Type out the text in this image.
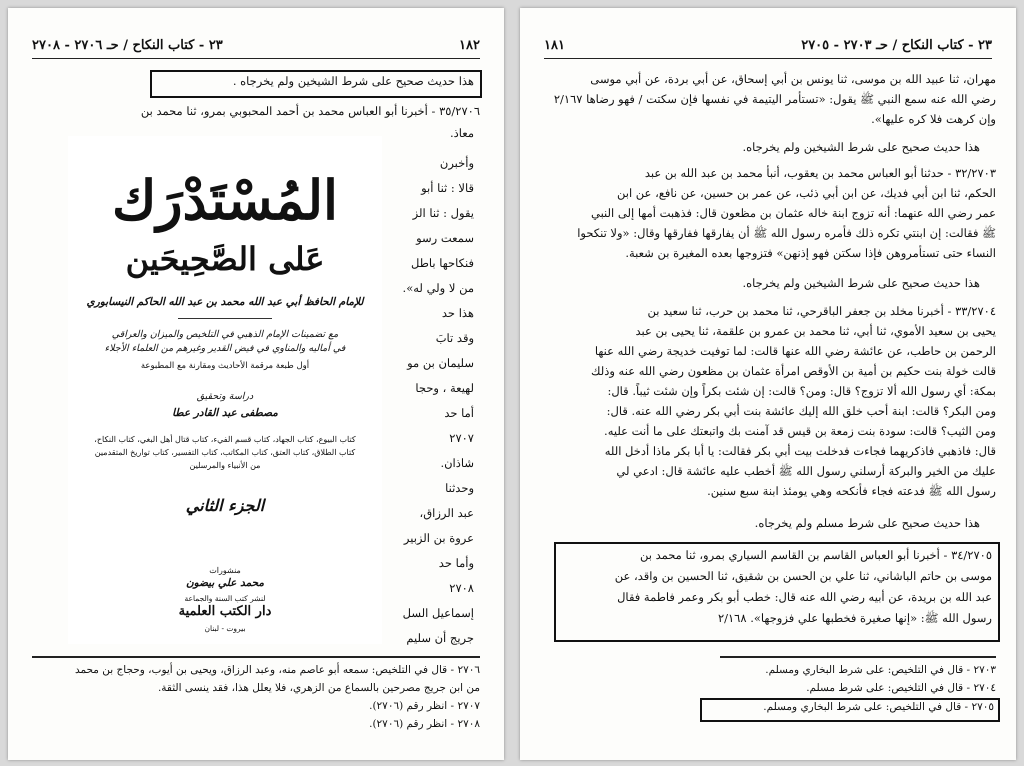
١٨٢
٢٣ - كتاب النكاح / حـ ٢٧٠٦ - ٢٧٠٨

هذا حديث صحيح على شرط الشيخين ولم يخرجاه .

٣٥/٢٧٠٦ - أخبرنا أبو العباس محمد بن أحمد المحبوبي بمرو، ثنا محمد بن

معاذ.

وأخبرن

قالا : ثنا أبو

يقول : ثنا الز

سمعت رسو

فنكاحها باطل

من لا ولي له».

هذا حد

وقد تابَ

سليمان بن مو

لهيعة ، وحجا

أما حد

٢٧٠٧

شاذان.

وحدثنا

عبد الرزاق،

عروة بن الزبير

وأما حد

٢٧٠٨

إسماعيل السل

جريج أن سليم

٢٧٠٦ - قال في التلخيص: سمعه أبو عاصم منه، وعبد الرزاق، ويحيى بن أيوب، وحجاج بن محمد

من ابن جريج مصرحين بالسماع من الزهري، فلا يعلل هذا، فقد ينسى الثقة.

٢٧٠٧ - انظر رقم (٢٧٠٦).

٢٧٠٨ - انظر رقم (٢٧٠٦).

المُسْتَدْرَك

عَلى الصَّحِيحَين

للإمام الحافظ أبي عبد الله محمد بن عبد الله الحاكم النيسابوري

مع تضمينات الإمام الذهبي في التلخيص والميزان والعراقي

في أماليه والمناوي في فيض القدير وغيرهم من العلماء الأجلاء

أول طبعة مرقمة الأحاديث ومقارنة مع المطبوعة

دراسة وتحقيق

مصطفى عبد القادر عطا

كتاب البيوع، كتاب الجهاد، كتاب قسم الفيء، كتاب قتال أهل البغي، كتاب النكاح،

كتاب الطلاق، كتاب العتق، كتاب المكاتب، كتاب التفسير، كتاب تواريخ المتقدمين

من الأنبياء والمرسلين

الجزء الثاني

منشورات

محمد علي بيضون

لنشر كتب السنة والجماعة

دار الكتب العلمية

بيروت - لبنان

٢٣ - كتاب النكاح / حـ ٢٧٠٣ - ٢٧٠٥
١٨١

مهران، ثنا عبيد الله بن موسى، ثنا يونس بن أبي إسحاق، عن أبي بردة، عن أبي موسى

رضي الله عنه سمع النبي ﷺ يقول: «تستأمر اليتيمة في نفسها فإن سكتت / فهو رضاها ٢/١٦٧

وإن كرهت فلا كره عليها».

هذا حديث صحيح على شرط الشيخين ولم يخرجاه.

٣٢/٢٧٠٣ - حدثنا أبو العباس محمد بن يعقوب، أنبأ محمد بن عبد الله بن عبد

الحكم، ثنا ابن أبي فديك، عن ابن أبي ذئب، عن عمر بن حسين، عن نافع، عن ابن

عمر رضي الله عنهما: أنه تزوج ابنة خاله عثمان بن مظعون قال: فذهبت أمها إلى النبي

ﷺ فقالت: إن ابنتي تكره ذلك فأمره رسول الله ﷺ أن يفارقها ففارقها وقال: «ولا تنكحوا

النساء حتى تستأمروهن فإذا سكتن فهو إذنهن» فتزوجها بعده المغيرة بن شعبة.

هذا حديث صحيح على شرط الشيخين ولم يخرجاه.

٣٣/٢٧٠٤ - أخبرنا مخلد بن جعفر الباقرحي، ثنا محمد بن حرب، ثنا سعيد بن

يحيى بن سعيد الأموي، ثنا أبي، ثنا محمد بن عمرو بن علقمة، ثنا يحيى بن عبد

الرحمن بن حاطب، عن عائشة رضي الله عنها قالت: لما توفيت خديجة رضي الله عنها

قالت خولة بنت حكيم بن أمية بن الأوقص امرأة عثمان بن مظعون رضي الله عنه وذلك

بمكة: أي رسول الله ألا تزوج؟ قال: ومن؟ قالت: إن شئت بكراً وإن شئت ثيباً. قال:

ومن البكر؟ قالت: ابنة أحب خلق الله إليك عائشة بنت أبي بكر رضي الله عنه. قال:

ومن الثيب؟ قالت: سودة بنت زمعة بن قيس قد آمنت بك واتبعتك على ما أنت عليه.

قال: فاذهبي فاذكريهما فجاءت فدخلت بيت أبي بكر فقالت: يا أبا بكر ماذا أدخل الله

عليك من الخير والبركة أرسلني رسول الله ﷺ أخطب عليه عائشة قال: ادعي لي

رسول الله ﷺ فدعته فجاء فأنكحه وهي يومئذ ابنة سبع سنين.

هذا حديث صحيح على شرط مسلم ولم يخرجاه.

٣٤/٢٧٠٥ - أخبرنا أبو العباس القاسم بن القاسم السياري بمرو، ثنا محمد بن

موسى بن حاتم الباشاني، ثنا علي بن الحسن بن شقيق، ثنا الحسين بن واقد، عن

عبد الله بن بريدة، عن أبيه رضي الله عنه قال: خطب أبو بكر وعمر فاطمة فقال

رسول الله ﷺ: «إنها صغيرة فخطبها علي فزوجها». ٢/١٦٨

٢٧٠٣ - قال في التلخيص: على شرط البخاري ومسلم.

٢٧٠٤ - قال في التلخيص: على شرط مسلم.

٢٧٠٥ - قال في التلخيص: على شرط البخاري ومسلم.
